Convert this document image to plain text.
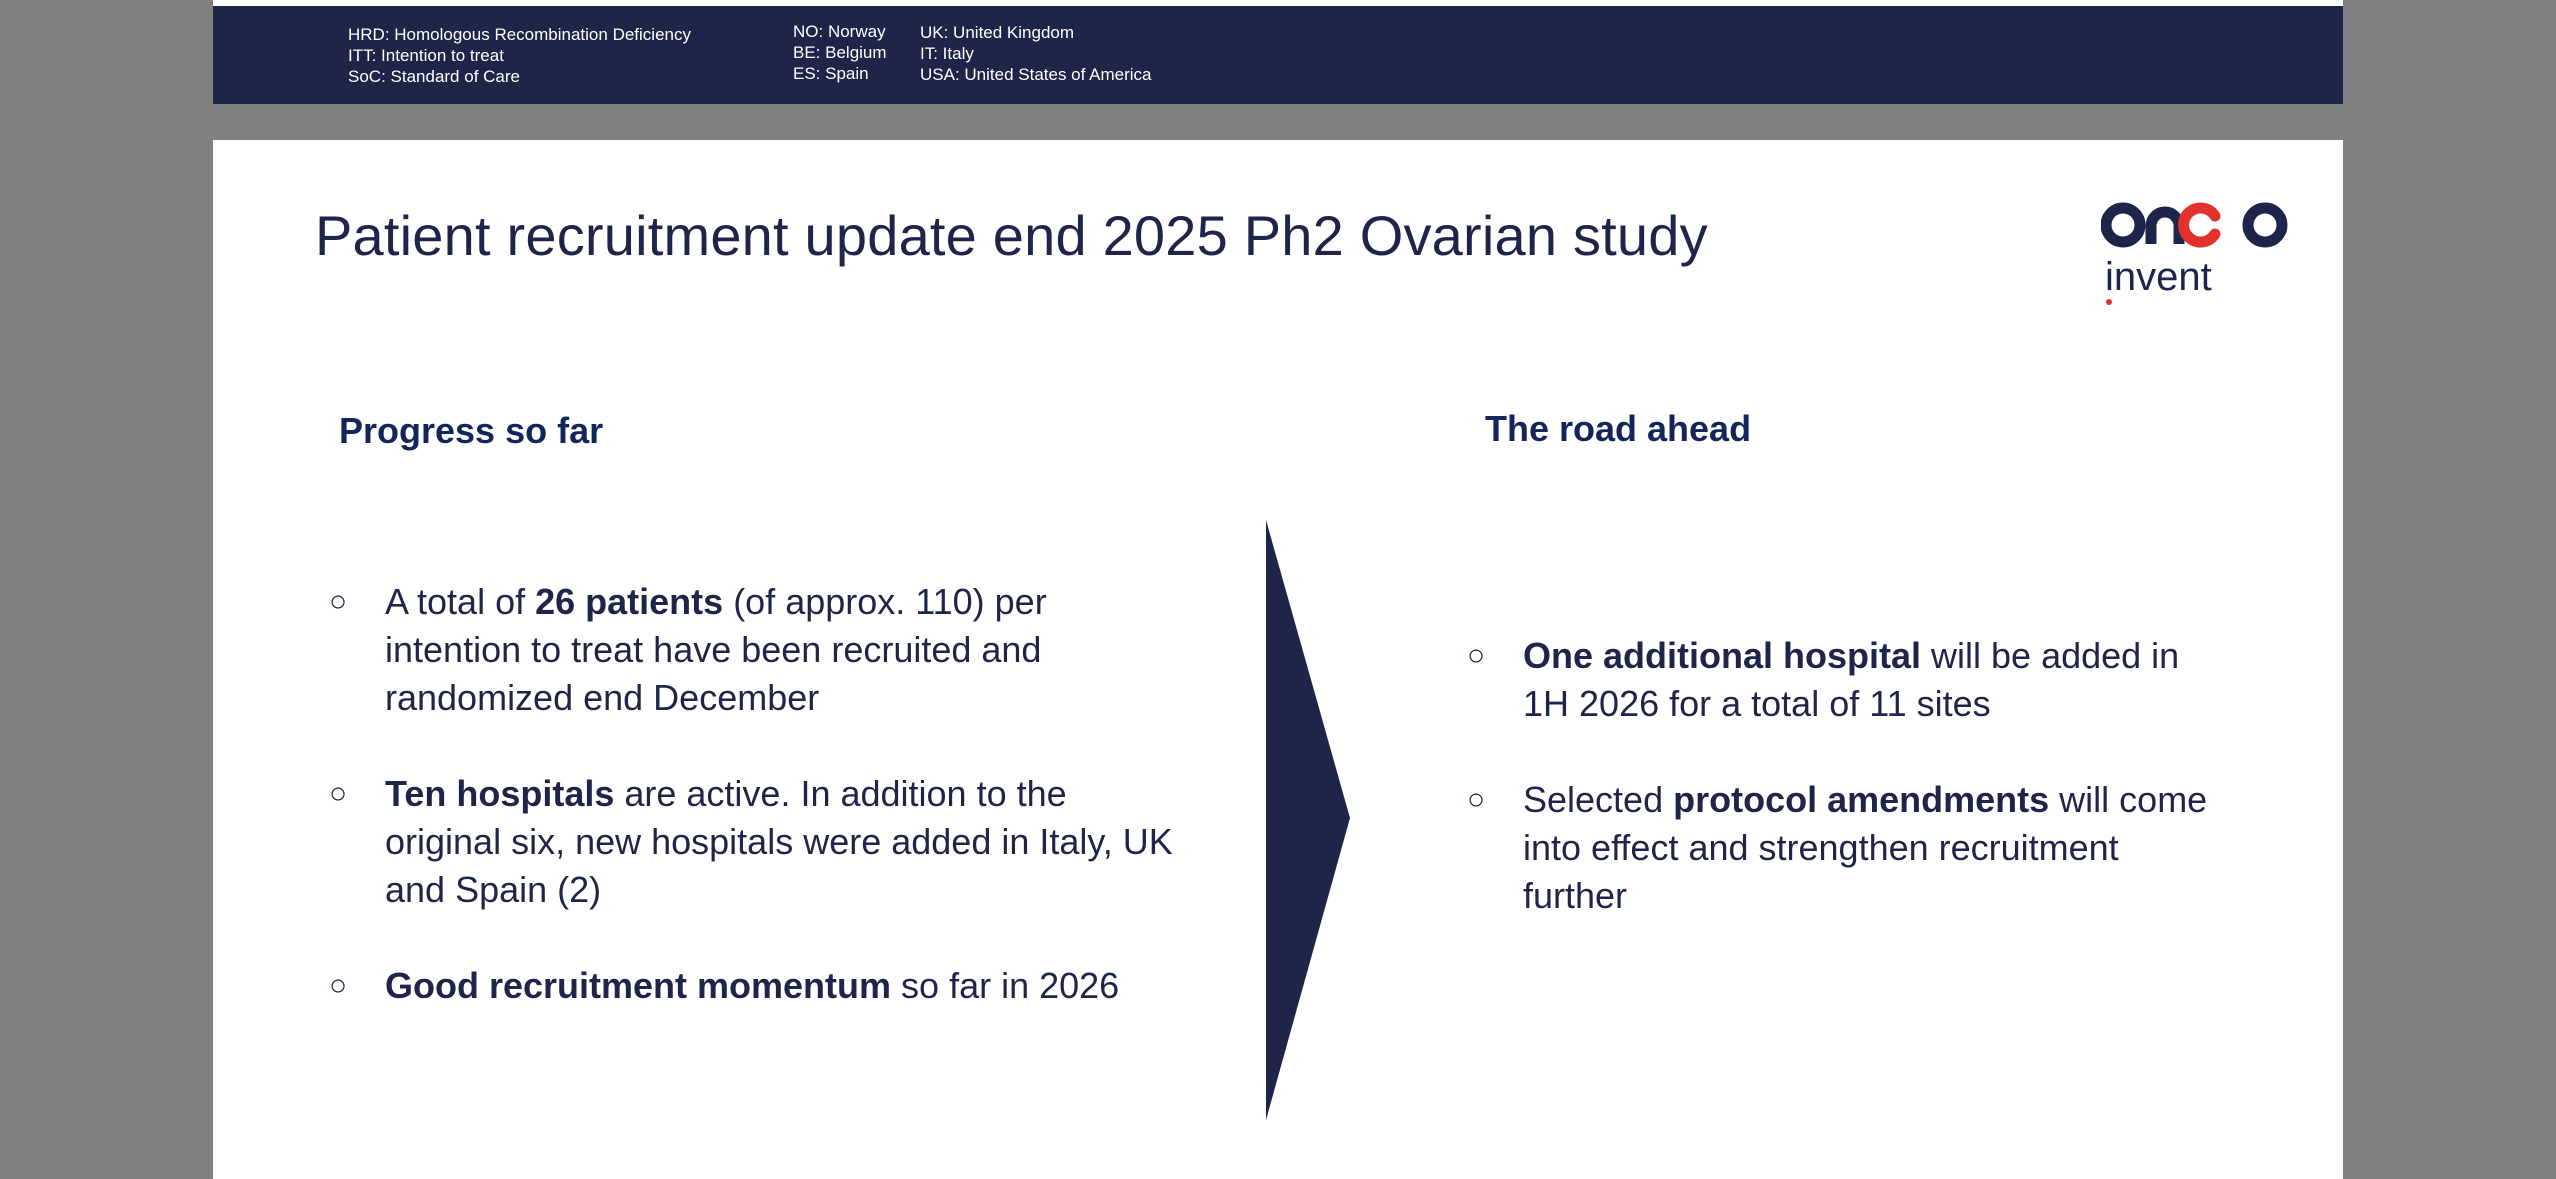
HRD: Homologous Recombination Deficiency
ITT: Intention to treat
SoC: Standard of Care
NO: Norway
BE: Belgium
ES: Spain
UK: United Kingdom
IT: Italy
USA: United States of America
Patient recruitment update end 2025 Ph2 Ovarian study
invent
Progress so far	The road ahead
○ A total of 26 patients (of approx. 110) per intention to treat have been recruited and randomized end December
○ Ten hospitals are active. In addition to the original six, new hospitals were added in Italy, UK and Spain (2)
○ Good recruitment momentum so far in 2026
○ One additional hospital will be added in 1H 2026 for a total of 11 sites
○ Selected protocol amendments will come into effect and strengthen recruitment further
